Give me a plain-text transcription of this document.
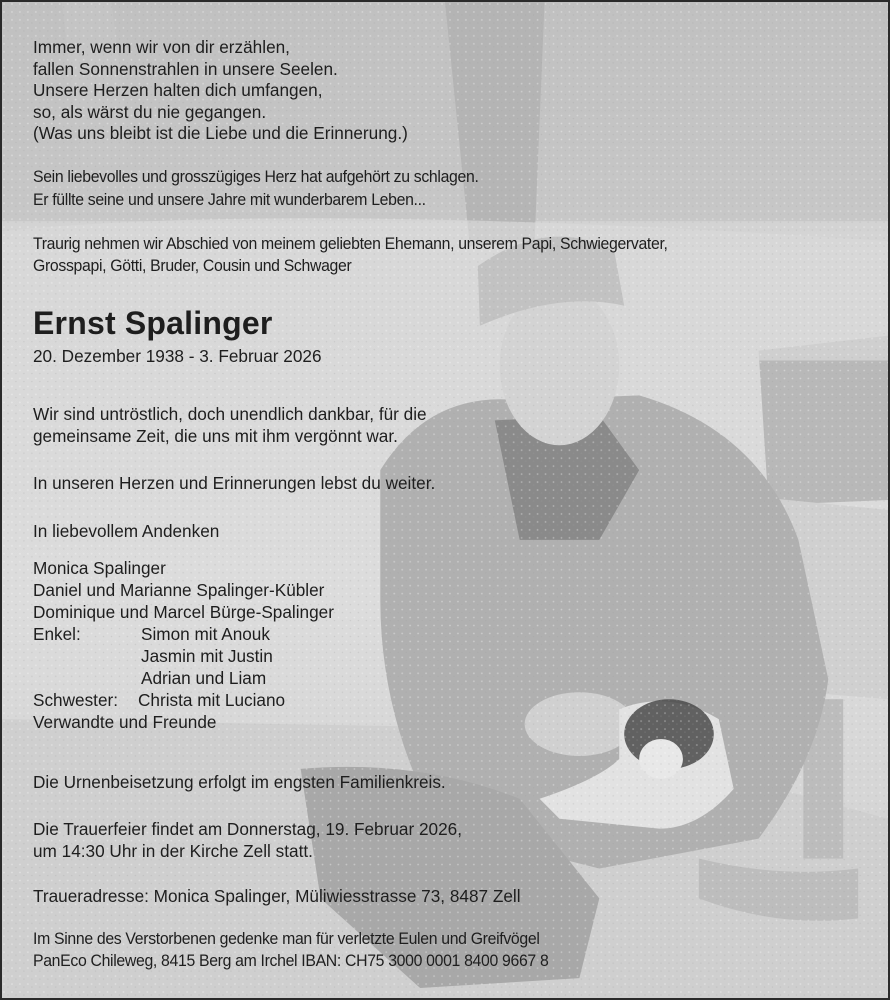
Immer, wenn wir von dir erzählen,
fallen Sonnenstrahlen in unsere Seelen.
Unsere Herzen halten dich umfangen,
so, als wärst du nie gegangen.
(Was uns bleibt ist die Liebe und die Erinnerung.)
Sein liebevolles und grosszügiges Herz hat aufgehört zu schlagen.
Er füllte seine und unsere Jahre mit wunderbarem Leben...
Traurig nehmen wir Abschied von meinem geliebten Ehemann, unserem Papi, Schwiegervater,
Grosspapi, Götti, Bruder, Cousin und Schwager
Ernst Spalinger
20. Dezember 1938 - 3. Februar 2026
Wir sind untröstlich, doch unendlich dankbar, für die
gemeinsame Zeit, die uns mit ihm vergönnt war.
In unseren Herzen und Erinnerungen lebst du weiter.
In liebevollem Andenken
Monica Spalinger
Daniel und Marianne Spalinger-Kübler
Dominique und Marcel Bürge-Spalinger
Enkel:	Simon mit Anouk
Jasmin mit Justin
Adrian und Liam
Schwester: Christa mit Luciano
Verwandte und Freunde
Die Urnenbeisetzung erfolgt im engsten Familienkreis.
Die Trauerfeier findet am Donnerstag, 19. Februar 2026,
um 14:30 Uhr in der Kirche Zell statt.
Traueradresse: Monica Spalinger, Müliwiesstrasse 73, 8487 Zell
Im Sinne des Verstorbenen gedenke man für verletzte Eulen und Greifvögel
PanEco Chileweg, 8415 Berg am Irchel IBAN: CH75 3000 0001 8400 9667 8
